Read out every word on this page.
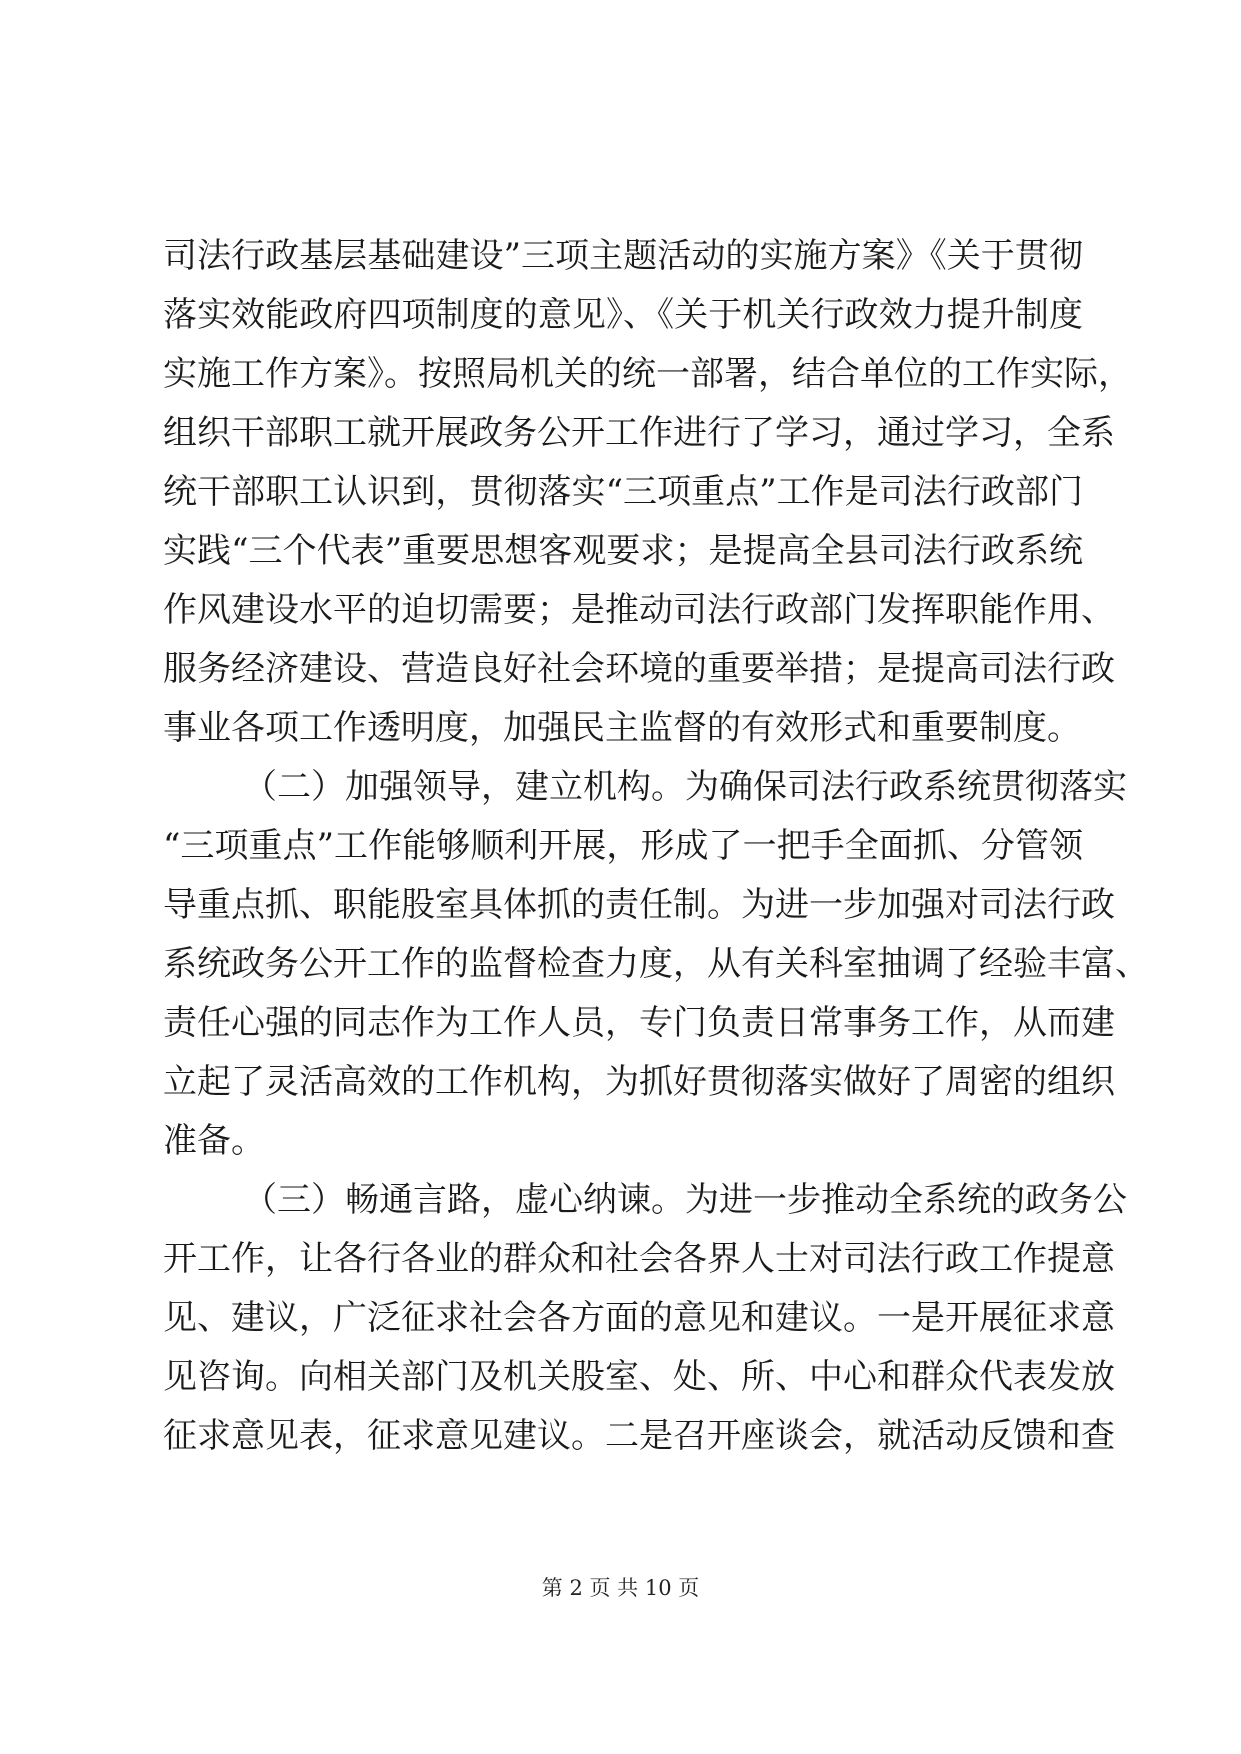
司法行政基层基础建设”三项主题活动的实施方案》《关于贯彻
落实效能政府四项制度的意见》、《关于机关行政效力提升制度
实施工作方案》。按照局机关的统一部署，结合单位的工作实际，
组织干部职工就开展政务公开工作进行了学习，通过学习，全系
统干部职工认识到，贯彻落实“三项重点”工作是司法行政部门
实践“三个代表”重要思想客观要求；是提高全县司法行政系统
作风建设水平的迫切需要；是推动司法行政部门发挥职能作用、
服务经济建设、营造良好社会环境的重要举措；是提高司法行政
事业各项工作透明度，加强民主监督的有效形式和重要制度。
（二）加强领导，建立机构。为确保司法行政系统贯彻落实
“三项重点”工作能够顺利开展，形成了一把手全面抓、分管领
导重点抓、职能股室具体抓的责任制。为进一步加强对司法行政
系统政务公开工作的监督检查力度，从有关科室抽调了经验丰富、
责任心强的同志作为工作人员，专门负责日常事务工作，从而建
立起了灵活高效的工作机构，为抓好贯彻落实做好了周密的组织
准备。
（三）畅通言路，虚心纳谏。为进一步推动全系统的政务公
开工作，让各行各业的群众和社会各界人士对司法行政工作提意
见、建议，广泛征求社会各方面的意见和建议。一是开展征求意
见咨询。向相关部门及机关股室、处、所、中心和群众代表发放
征求意见表，征求意见建议。二是召开座谈会，就活动反馈和查
第 2 页 共 10 页
